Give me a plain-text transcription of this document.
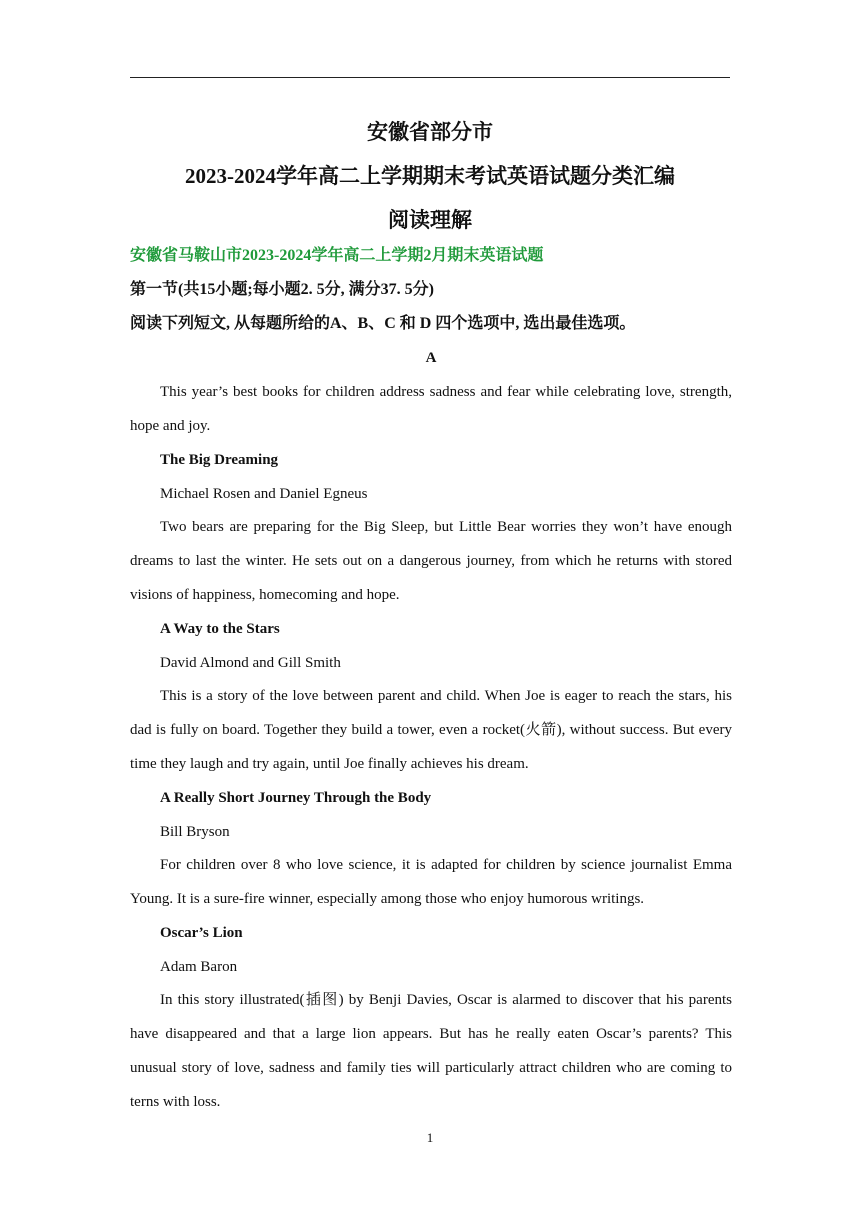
安徽省部分市
2023-2024学年高二上学期期末考试英语试题分类汇编
阅读理解
安徽省马鞍山市2023-2024学年高二上学期2月期末英语试题
第一节(共15小题;每小题2. 5分, 满分37. 5分)
阅读下列短文, 从每题所给的A、B、C 和 D 四个选项中, 选出最佳选项。
A
This year’s best books for children address sadness and fear while celebrating love, strength,
hope and joy.
The Big Dreaming
Michael Rosen and Daniel Egneus
Two bears are preparing for the Big Sleep, but Little Bear worries they won’t have enough
dreams to last the winter. He sets out on a dangerous journey, from which he returns with stored
visions of happiness, homecoming and hope.
A Way to the Stars
David Almond and Gill Smith
This is a story of the love between parent and child. When Joe is eager to reach the stars, his
dad is fully on board. Together they build a tower, even a rocket(火箭), without success. But every
time they laugh and try again, until Joe finally achieves his dream.
A Really Short Journey Through the Body
Bill Bryson
For children over 8 who love science, it is adapted for children by science journalist Emma
Young. It is a sure-fire winner, especially among those who enjoy humorous writings.
Oscar’s Lion
Adam Baron
In this story illustrated(插图) by Benji Davies, Oscar is alarmed to discover that his parents
have disappeared and that a large lion appears. But has he really eaten Oscar’s parents? This
unusual story of love, sadness and family ties will particularly attract children who are coming to
terns with loss.
1
